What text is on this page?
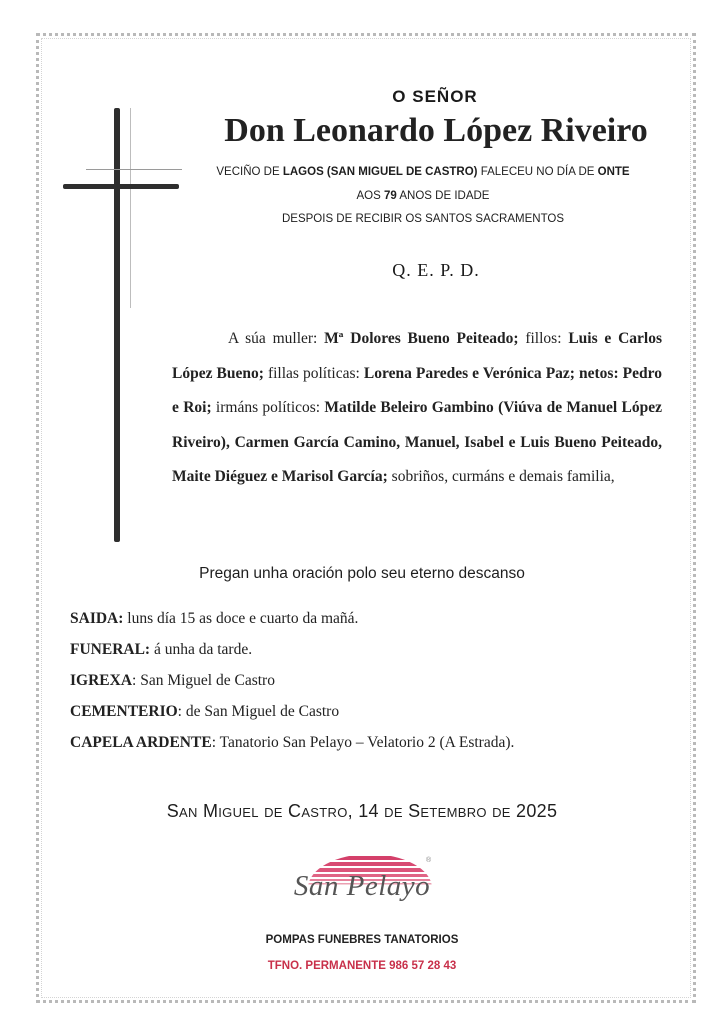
O SEÑOR
Don Leonardo López Riveiro
VECIÑO DE LAGOS (SAN MIGUEL DE CASTRO) FALECEU NO DÍA DE ONTE
AOS 79 ANOS DE IDADE
DESPOIS DE RECIBIR OS SANTOS SACRAMENTOS
Q. E. P. D.
A súa muller: Mª Dolores Bueno Peiteado; fillos: Luis e Carlos López Bueno; fillas políticas: Lorena Paredes e Verónica Paz; netos: Pedro e Roi; irmáns políticos: Matilde Beleiro Gambino (Viúva de Manuel López Riveiro), Carmen García Camino, Manuel, Isabel e Luis Bueno Peiteado, Maite Diéguez e Marisol García; sobriños, curmáns e demais familia,
Pregan unha oración polo seu eterno descanso
SAIDA: luns día 15 as doce e cuarto da mañá.
FUNERAL: á unha da tarde.
IGREXA: San Miguel de Castro
CEMENTERIO: de San Miguel de Castro
CAPELA ARDENTE: Tanatorio San Pelayo – Velatorio 2 (A Estrada).
San Miguel de Castro, 14 de Setembro de 2025
®
San Pelayo
POMPAS FUNEBRES TANATORIOS
TFNO. PERMANENTE 986 57 28 43
